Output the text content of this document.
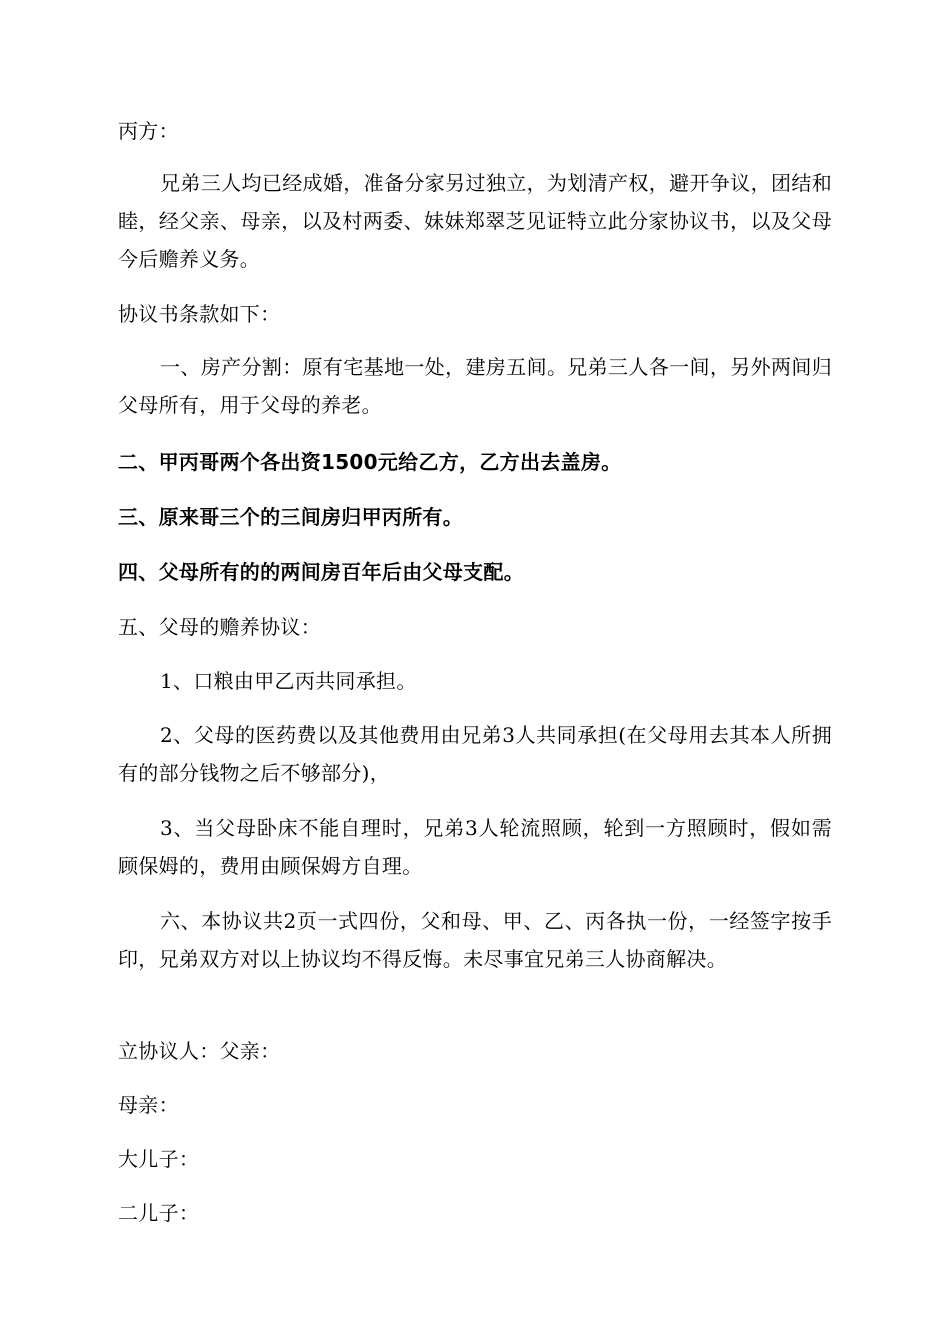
丙方：
兄弟三人均已经成婚，准备分家另过独立，为划清产权，避开争议，团结和睦，经父亲、母亲，以及村两委、妹妹郑翠芝见证特立此分家协议书，以及父母今后赡养义务。
协议书条款如下：
一、房产分割：原有宅基地一处，建房五间。兄弟三人各一间，另外两间归父母所有，用于父母的养老。
二、甲丙哥两个各出资1500元给乙方，乙方出去盖房。
三、原来哥三个的三间房归甲丙所有。
四、父母所有的的两间房百年后由父母支配。
五、父母的赡养协议：
1、口粮由甲乙丙共同承担。
2、父母的医药费以及其他费用由兄弟3人共同承担(在父母用去其本人所拥有的部分钱物之后不够部分)，
3、当父母卧床不能自理时，兄弟3人轮流照顾，轮到一方照顾时，假如需顾保姆的，费用由顾保姆方自理。
六、本协议共2页一式四份，父和母、甲、乙、丙各执一份，一经签字按手印，兄弟双方对以上协议均不得反悔。未尽事宜兄弟三人协商解决。
立协议人：父亲：
母亲：
大儿子：
二儿子：
